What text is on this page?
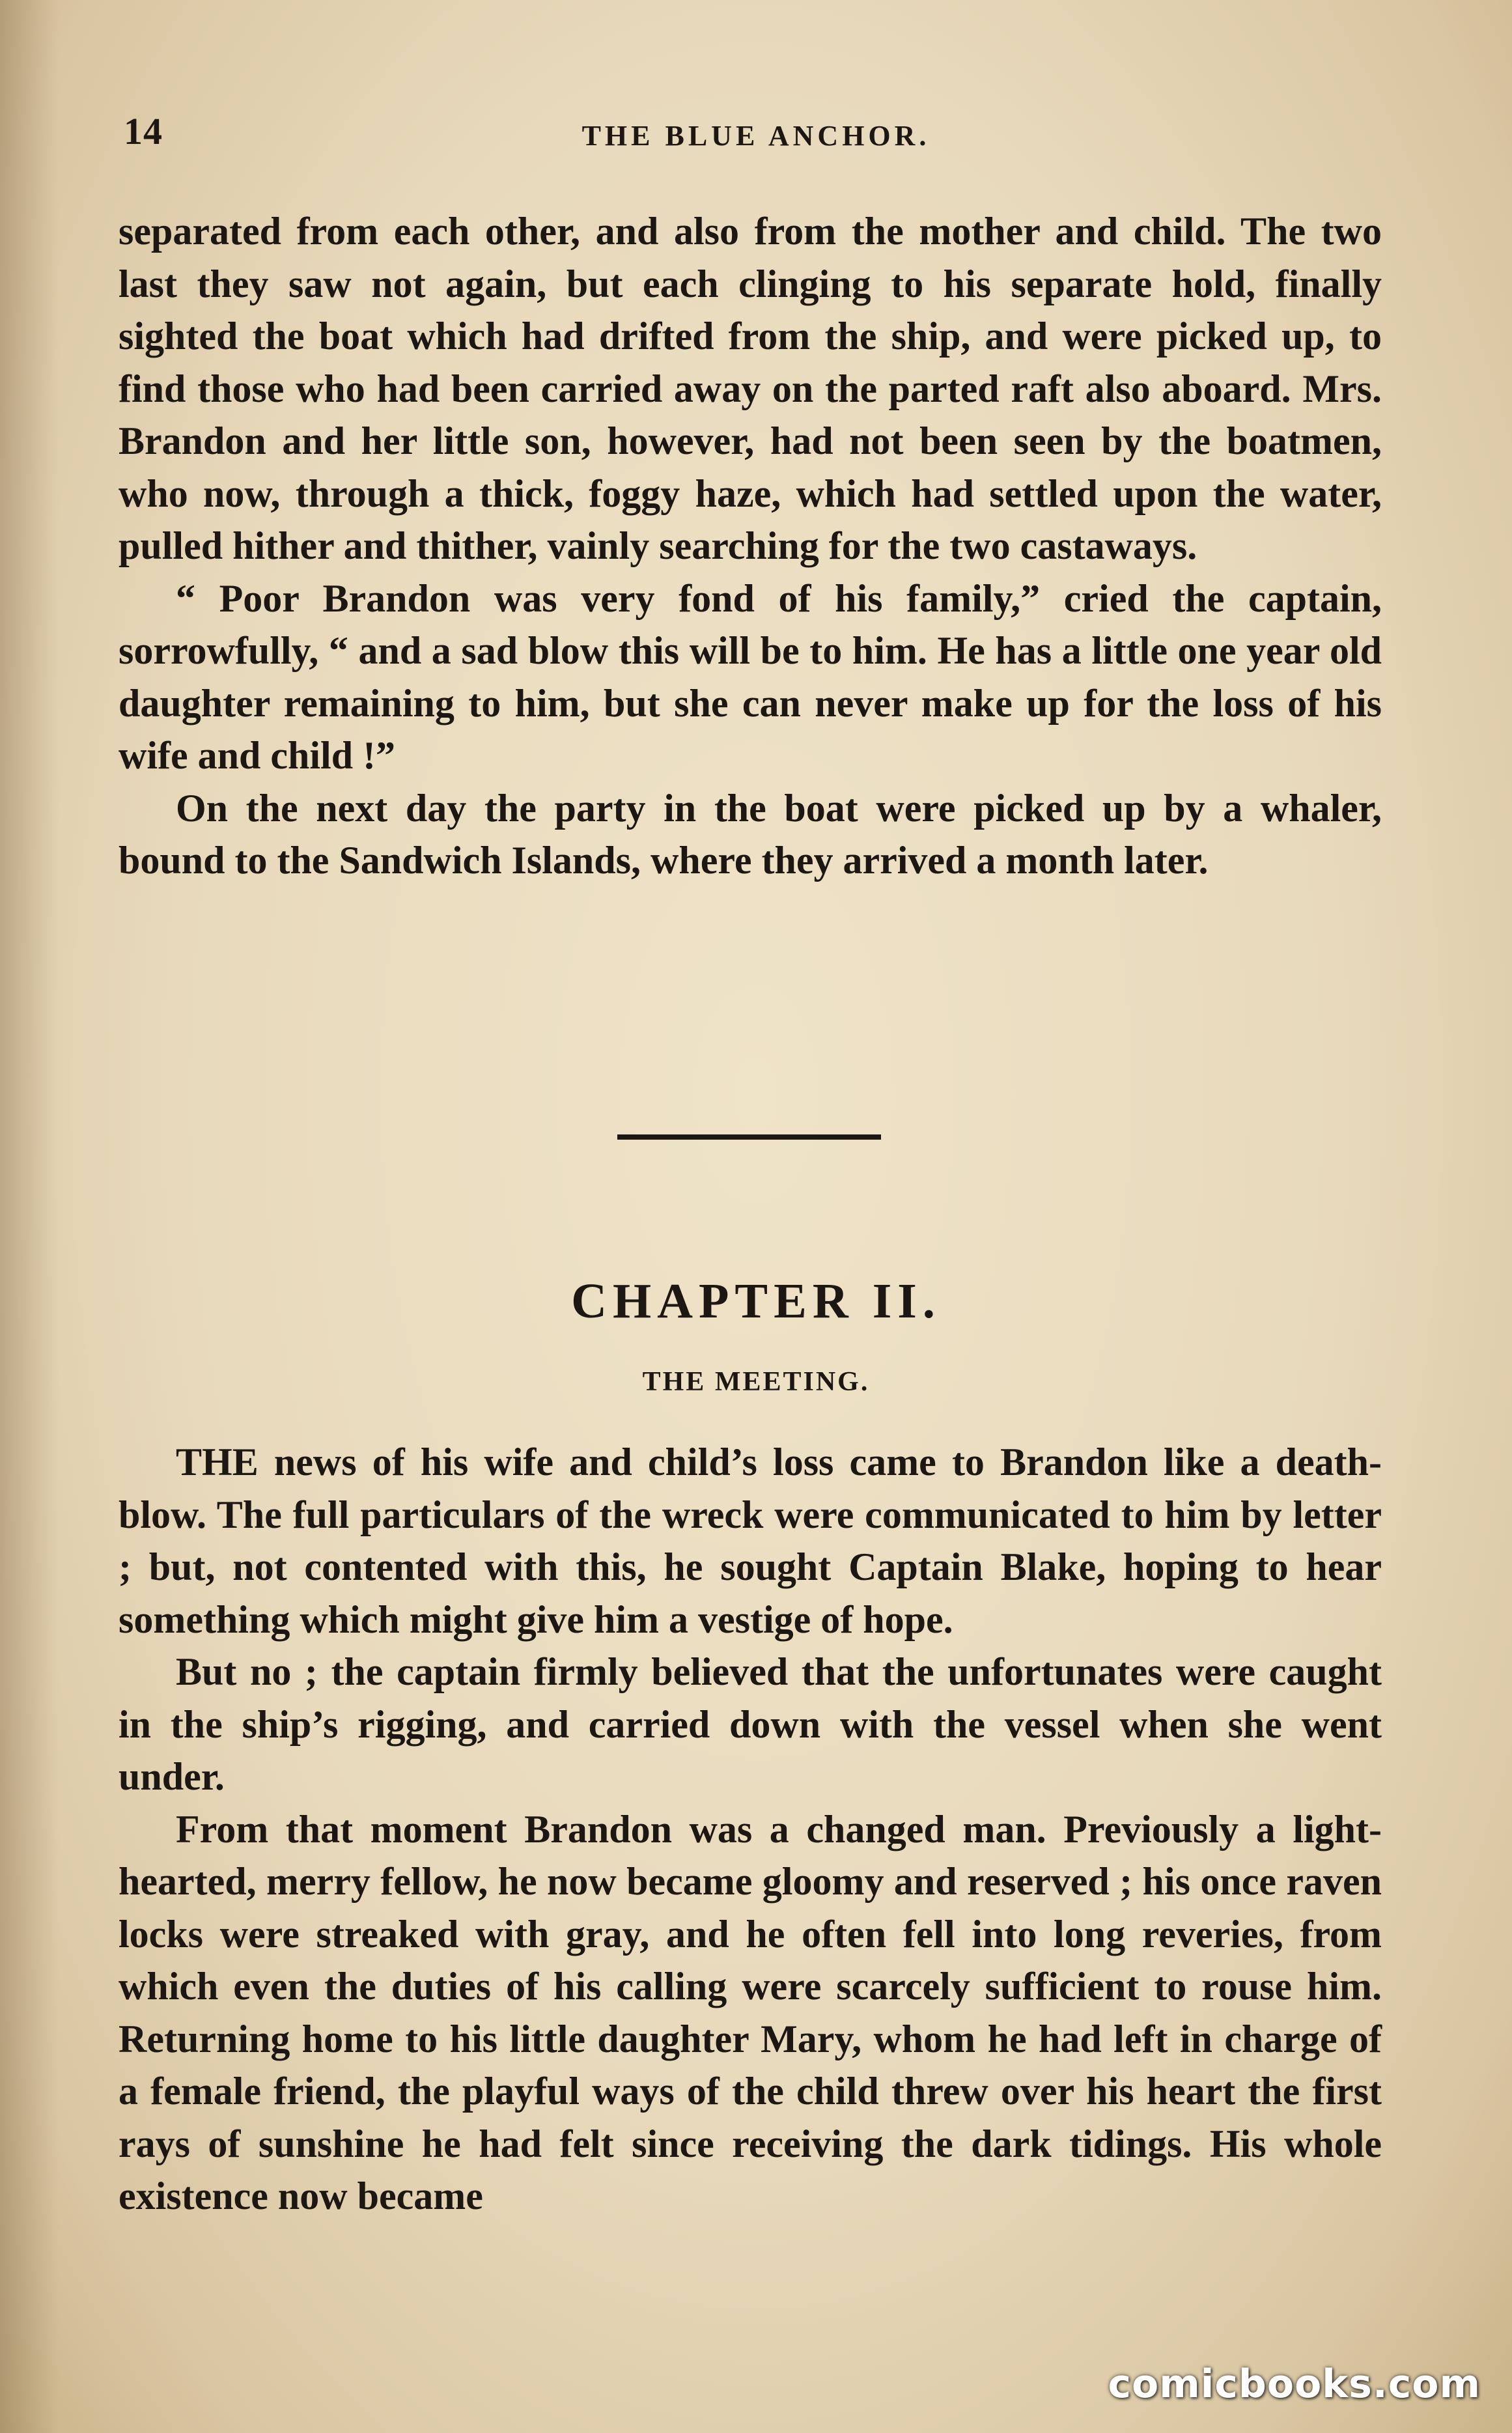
14	THE BLUE ANCHOR.

separated from each other, and also from the mother and child. The two last they saw not again, but each clinging to his separate hold, finally sighted the boat which had drifted from the ship, and were picked up, to find those who had been carried away on the parted raft also aboard. Mrs. Brandon and her little son, however, had not been seen by the boatmen, who now, through a thick, foggy haze, which had settled upon the water, pulled hither and thither, vainly searching for the two castaways.

“ Poor Brandon was very fond of his family,” cried the captain, sorrowfully, “ and a sad blow this will be to him. He has a little one year old daughter remaining to him, but she can never make up for the loss of his wife and child !”

On the next day the party in the boat were picked up by a whaler, bound to the Sandwich Islands, where they arrived a month later.

CHAPTER II.
THE MEETING.

THE news of his wife and child’s loss came to Brandon like a death-blow. The full particulars of the wreck were communicated to him by letter ; but, not contented with this, he sought Captain Blake, hoping to hear something which might give him a vestige of hope.

But no ; the captain firmly believed that the unfortunates were caught in the ship’s rigging, and carried down with the vessel when she went under.

From that moment Brandon was a changed man. Previously a light-hearted, merry fellow, he now became gloomy and reserved ; his once raven locks were streaked with gray, and he often fell into long reveries, from which even the duties of his calling were scarcely sufficient to rouse him. Returning home to his little daughter Mary, whom he had left in charge of a female friend, the playful ways of the child threw over his heart the first rays of sunshine he had felt since receiving the dark tidings. His whole existence now became

comicbooks.com
